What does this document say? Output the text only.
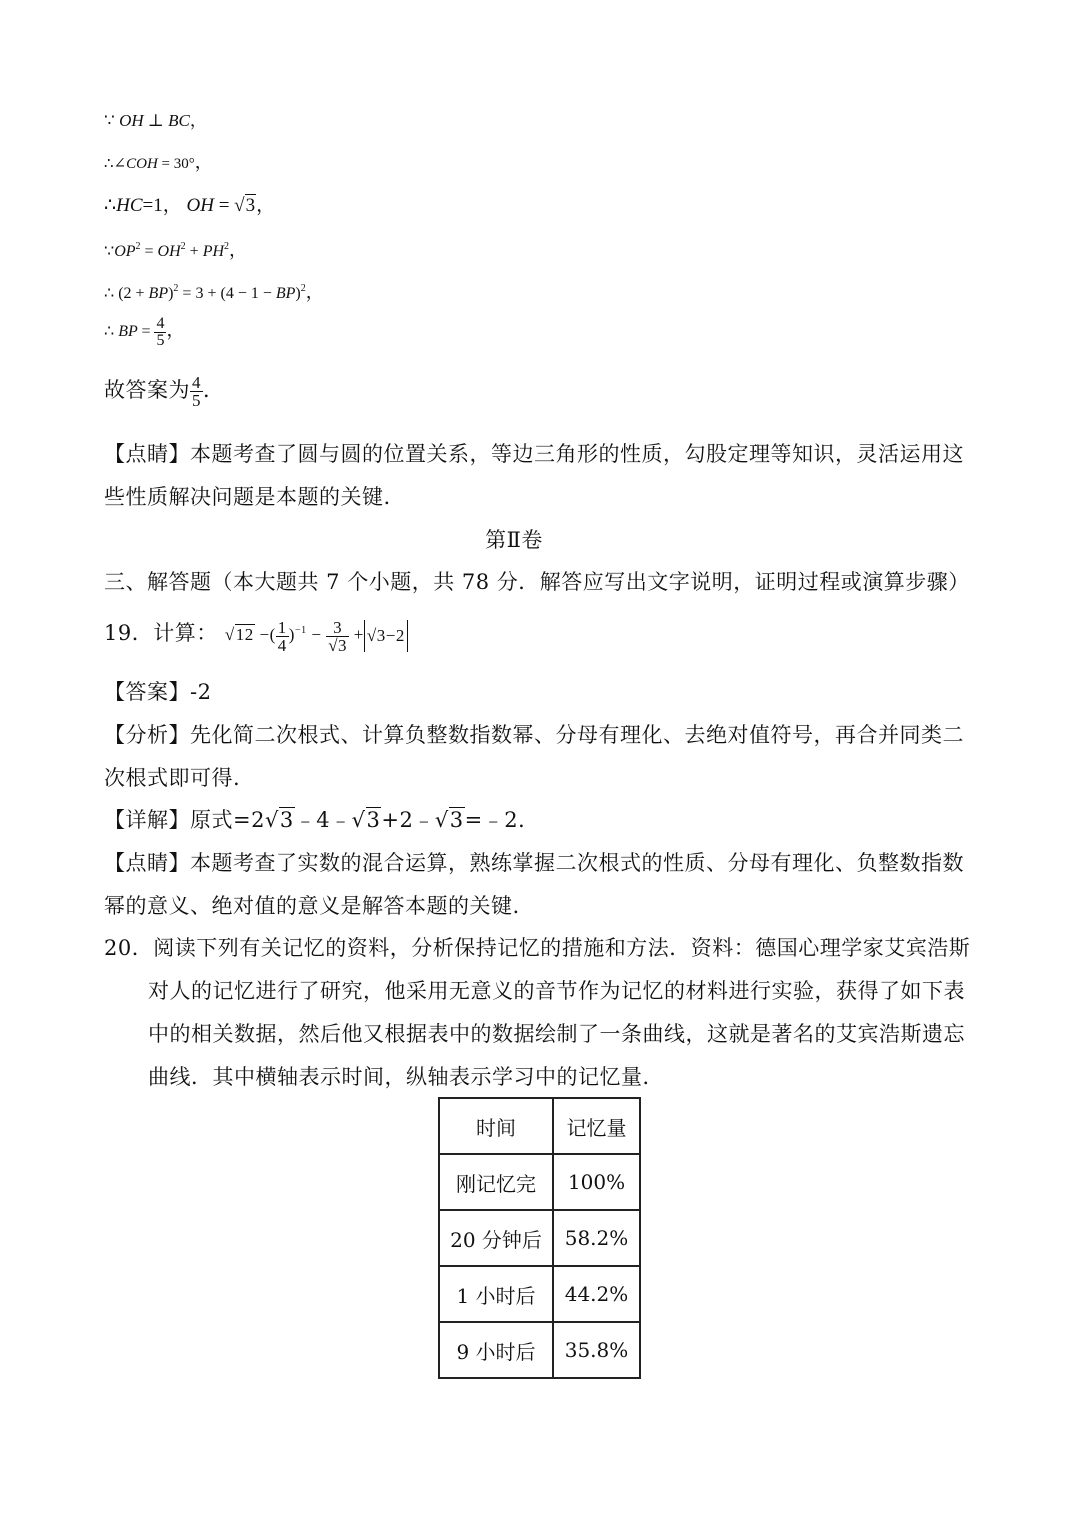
∵ OH ⊥ BC，
∴∠COH = 30°，
∴HC=1， OH = √3，
$\because OP^2 = OH^2 + PH^2$，
∴ (2 + BP)$^2$ = 3 + (4 − 1 − BP)$^2$，
∴ BP = $\frac{4}{5}$ ，
故答案为 $\frac{4}{5}$ ．
【点睛】本题考查了圆与圆的位置关系，等边三角形的性质，勾股定理等知识，灵活运用这
些性质解决问题是本题的关键.
第Ⅱ卷
三、解答题（本大题共 7 个小题，共 78 分．解答应写出文字说明，证明过程或演算步骤）
19．计算： √12 −( $\frac{1}{4} )^{-1} - \frac{3}{√3} + √3-2$
【答案】-2
【分析】先化简二次根式、计算负整数指数幂、分母有理化、去绝对值符号，再合并同类二
次根式即可得.
【详解】原式=2√3﹣4﹣√3+2﹣√3=﹣2．
【点睛】本题考查了实数的混合运算，熟练掌握二次根式的性质、分母有理化、负整数指数
幂的意义、绝对值的意义是解答本题的关键.
20．阅读下列有关记忆的资料，分析保持记忆的措施和方法．资料：德国心理学家艾宾浩斯
对人的记忆进行了研究，他采用无意义的音节作为记忆的材料进行实验，获得了如下表
中的相关数据，然后他又根据表中的数据绘制了一条曲线，这就是著名的艾宾浩斯遗忘
曲线．其中横轴表示时间，纵轴表示学习中的记忆量．
时间	记忆量
刚记忆完	100%
20 分钟后	58.2%
1 小时后	44.2%
9 小时后	35.8%
